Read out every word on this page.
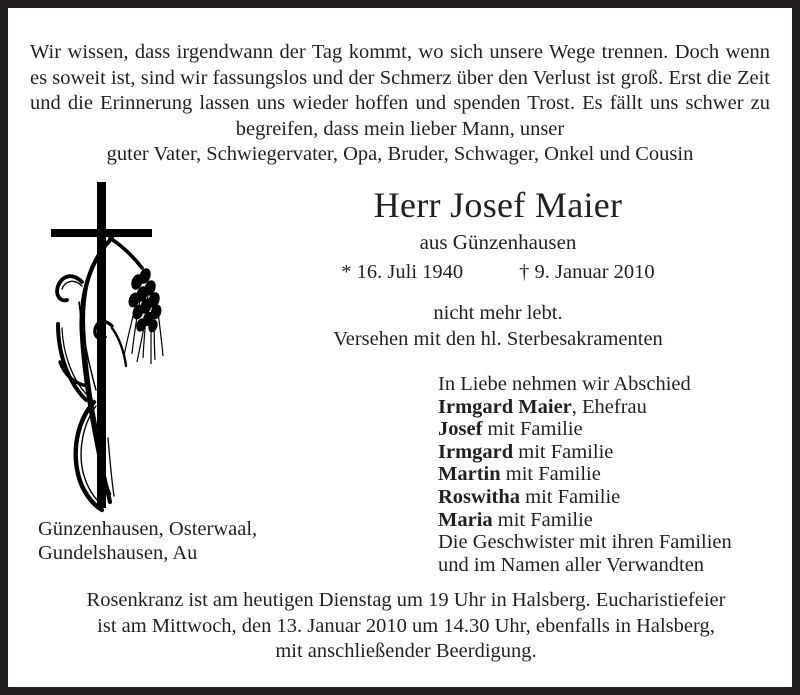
Wir wissen, dass irgendwann der Tag kommt, wo sich unsere Wege trennen. Doch wenn es soweit ist, sind wir fassungslos und der Schmerz über den Verlust ist groß. Erst die Zeit und die Erinnerung lassen uns wieder hoffen und spenden Trost. Es fällt uns schwer zu begreifen, dass mein lieber Mann, unser
guter Vater, Schwiegervater, Opa, Bruder, Schwager, Onkel und Cousin
Herr Josef Maier
aus Günzenhausen
* 16. Juli 1940	† 9. Januar 2010
nicht mehr lebt.
Versehen mit den hl. Sterbesakramenten
In Liebe nehmen wir Abschied
Irmgard Maier, Ehefrau
Josef mit Familie
Irmgard mit Familie
Martin mit Familie
Roswitha mit Familie
Maria mit Familie
Die Geschwister mit ihren Familien
und im Namen aller Verwandten
Günzenhausen, Osterwaal,
Gundelshausen, Au
Rosenkranz ist am heutigen Dienstag um 19 Uhr in Halsberg. Eucharistiefeier
ist am Mittwoch, den 13. Januar 2010 um 14.30 Uhr, ebenfalls in Halsberg,
mit anschließender Beerdigung.
